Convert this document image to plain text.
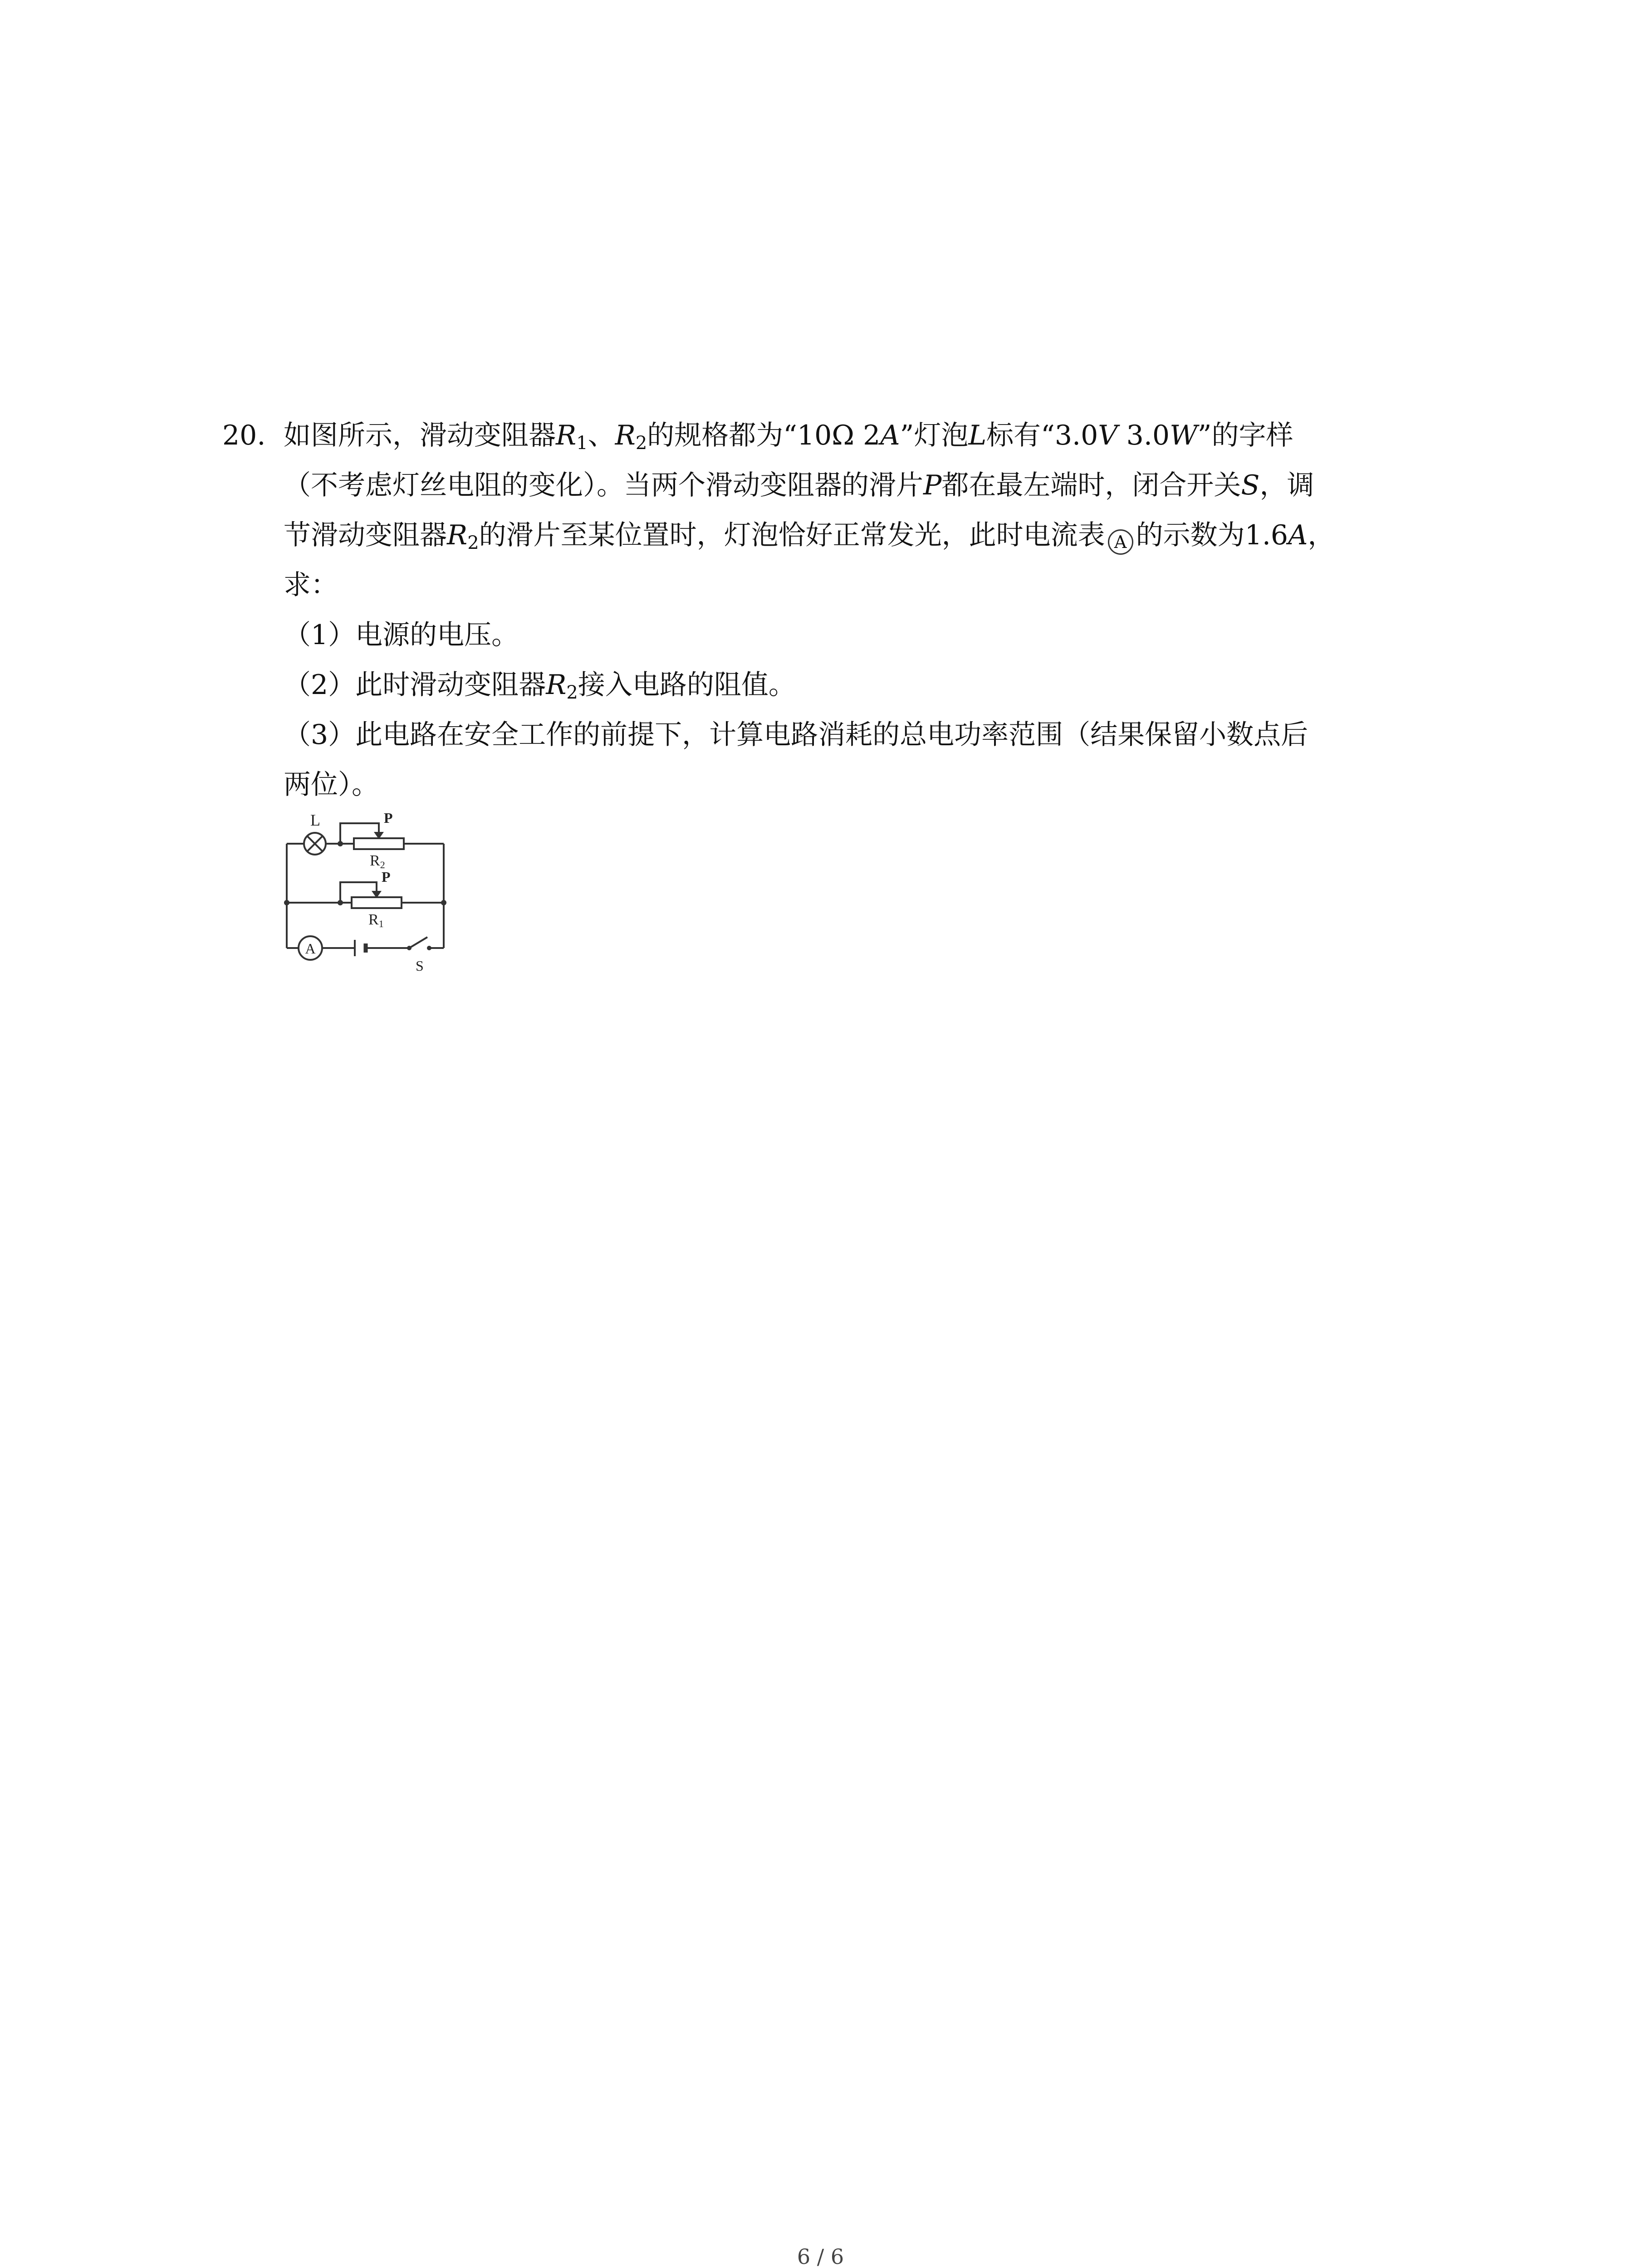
20. 如图所示，滑动变阻器$R_1$、$R_2$的规格都为“10Ω 2A”灯泡L标有“3.0V 3.0W”的字样
（不考虑灯丝电阻的变化）。当两个滑动变阻器的滑片P都在最左端时，闭合开关S，调
节滑动变阻器$R_2$的滑片至某位置时，灯泡恰好正常发光，此时电流表 A 的示数为1.6A，
求：
（1）电源的电压。
（2）此时滑动变阻器$R_2$接入电路的阻值。
（3）此电路在安全工作的前提下，计算电路消耗的总电功率范围（结果保留小数点后
两位）。
L	P
R2
P
R1
A
S
6 / 6
